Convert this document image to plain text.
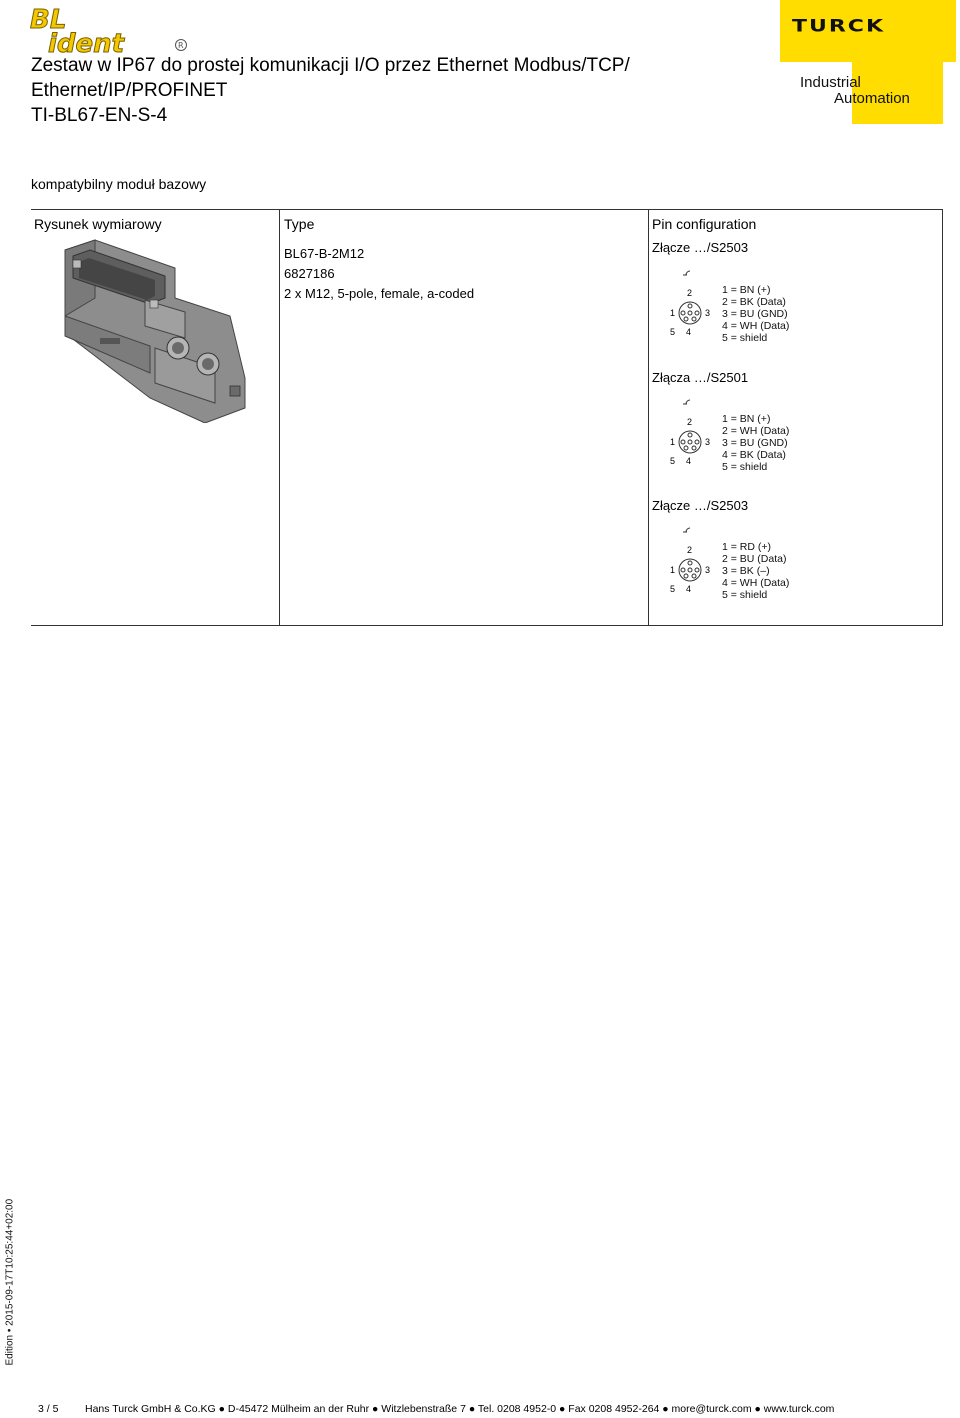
BL
ident	R
Zestaw w IP67 do prostej komunikacji I/O przez Ethernet Modbus/TCP/
Ethernet/IP/PROFINET
TI-BL67-EN-S-4
TURCK
Industrial
Automation
kompatybilny moduł bazowy
Rysunek wymiarowy	Type	Pin configuration
BL67-B-2M12
6827186
2 x M12, 5-pole, female, a-coded
Złącze …/S2503
2
1	3
5 4
1 = BN (+)
2 = BK (Data)
3 = BU (GND)
4 = WH (Data)
5 = shield
Złącza …/S2501
2
1	3
5 4
1 = BN (+)
2 = WH (Data)
3 = BU (GND)
4 = BK (Data)
5 = shield
Złącze …/S2503
2
1	3
5 4
1 = RD (+)
2 = BU (Data)
3 = BK (–)
4 = WH (Data)
5 = shield
Edition • 2015-09-17T10:25:44+02:00
3 / 5	Hans Turck GmbH & Co.KG ● D-45472 Mülheim an der Ruhr ● Witzlebenstraße 7 ● Tel. 0208 4952-0 ● Fax 0208 4952-264 ● more@turck.com ● www.turck.com
